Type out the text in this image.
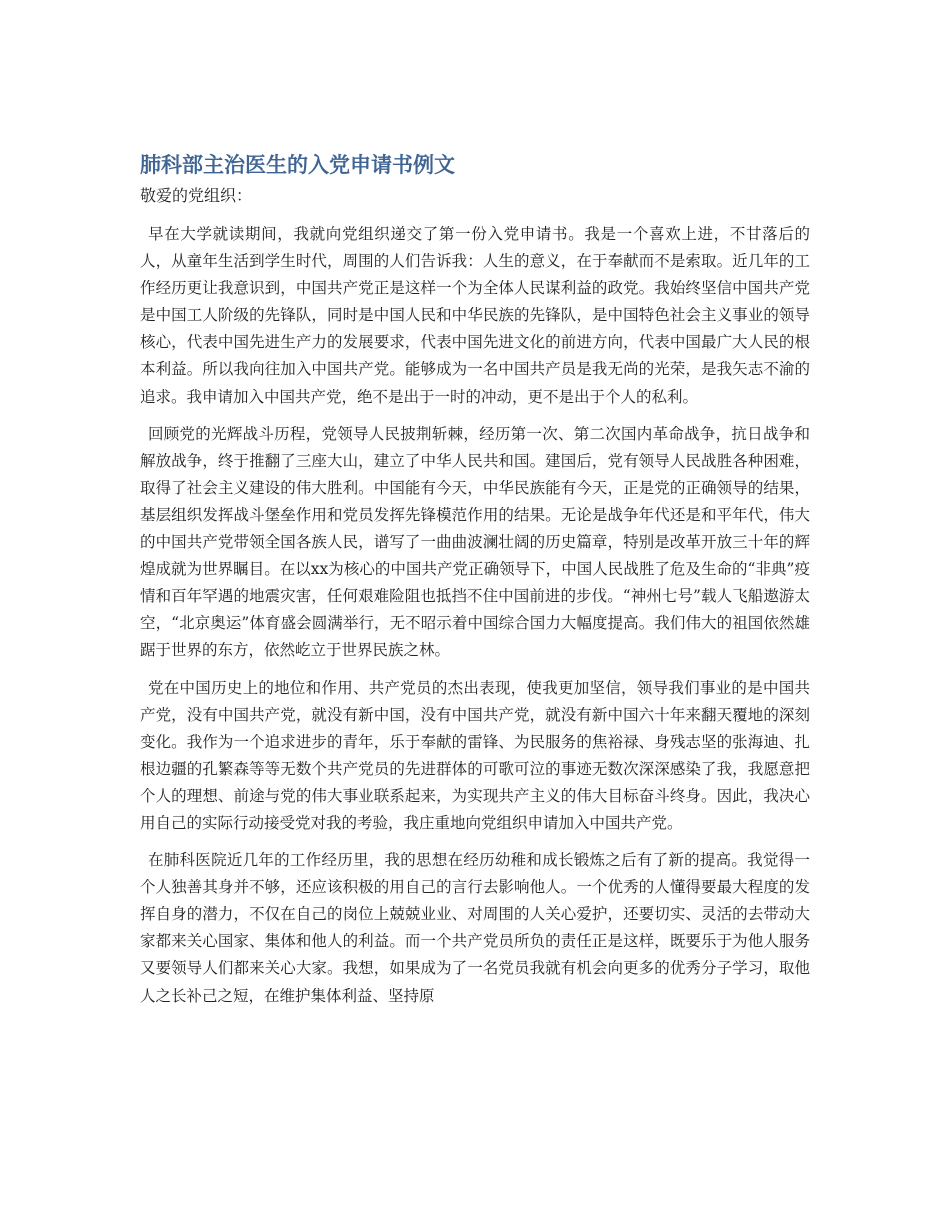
肺科部主治医生的入党申请书例文

敬爱的党组织：

早在大学就读期间，我就向党组织递交了第一份入党申请书。我是一个喜欢上进，不甘落后的人，从童年生活到学生时代，周围的人们告诉我：人生的意义，在于奉献而不是索取。近几年的工作经历更让我意识到，中国共产党正是这样一个为全体人民谋利益的政党。我始终坚信中国共产党是中国工人阶级的先锋队，同时是中国人民和中华民族的先锋队，是中国特色社会主义事业的领导核心，代表中国先进生产力的发展要求，代表中国先进文化的前进方向，代表中国最广大人民的根本利益。所以我向往加入中国共产党。能够成为一名中国共产员是我无尚的光荣，是我矢志不渝的追求。我申请加入中国共产党，绝不是出于一时的冲动，更不是出于个人的私利。

回顾党的光辉战斗历程，党领导人民披荆斩棘，经历第一次、第二次国内革命战争，抗日战争和解放战争，终于推翻了三座大山，建立了中华人民共和国。建国后，党有领导人民战胜各种困难，取得了社会主义建设的伟大胜利。中国能有今天，中华民族能有今天，正是党的正确领导的结果，基层组织发挥战斗堡垒作用和党员发挥先锋模范作用的结果。无论是战争年代还是和平年代，伟大的中国共产党带领全国各族人民，谱写了一曲曲波澜壮阔的历史篇章，特别是改革开放三十年的辉煌成就为世界瞩目。在以xx为核心的中国共产党正确领导下，中国人民战胜了危及生命的“非典”疫情和百年罕遇的地震灾害，任何艰难险阻也抵挡不住中国前进的步伐。“神州七号”载人飞船遨游太空，“北京奥运”体育盛会圆满举行，无不昭示着中国综合国力大幅度提高。我们伟大的祖国依然雄踞于世界的东方，依然屹立于世界民族之林。

党在中国历史上的地位和作用、共产党员的杰出表现，使我更加坚信，领导我们事业的是中国共产党，没有中国共产党，就没有新中国，没有中国共产党，就没有新中国六十年来翻天覆地的深刻变化。我作为一个追求进步的青年，乐于奉献的雷锋、为民服务的焦裕禄、身残志坚的张海迪、扎根边疆的孔繁森等等无数个共产党员的先进群体的可歌可泣的事迹无数次深深感染了我，我愿意把个人的理想、前途与党的伟大事业联系起来，为实现共产主义的伟大目标奋斗终身。因此，我决心用自己的实际行动接受党对我的考验，我庄重地向党组织申请加入中国共产党。

在肺科医院近几年的工作经历里，我的思想在经历幼稚和成长锻炼之后有了新的提高。我觉得一个人独善其身并不够，还应该积极的用自己的言行去影响他人。一个优秀的人懂得要最大程度的发挥自身的潜力，不仅在自己的岗位上兢兢业业、对周围的人关心爱护，还要切实、灵活的去带动大家都来关心国家、集体和他人的利益。而一个共产党员所负的责任正是这样，既要乐于为他人服务又要领导人们都来关心大家。我想，如果成为了一名党员我就有机会向更多的优秀分子学习，取他人之长补己之短，在维护集体利益、坚持原
